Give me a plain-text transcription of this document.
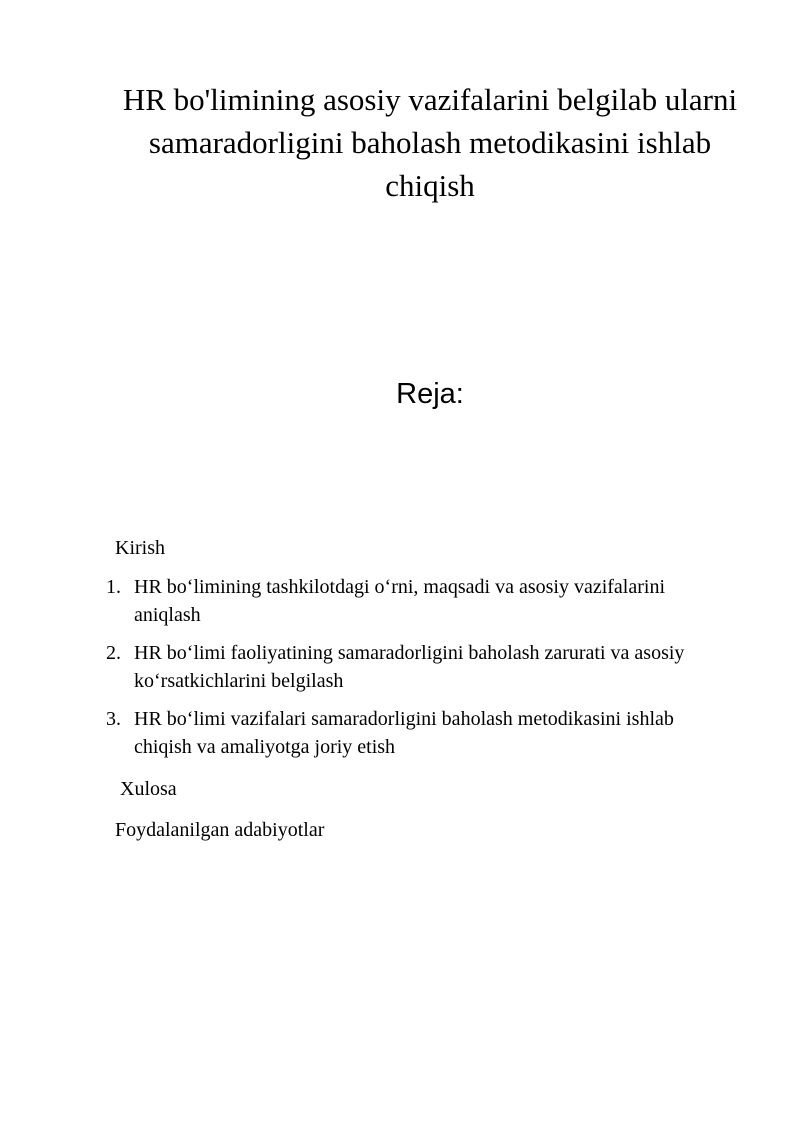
HR bo'limining asosiy vazifalarini belgilab ularni samaradorligini baholash metodikasini ishlab chiqish
Reja:
Kirish
1. HR bo‘limining tashkilotdagi o‘rni, maqsadi va asosiy vazifalarini aniqlash
2. HR bo‘limi faoliyatining samaradorligini baholash zarurati va asosiy ko‘rsatkichlarini belgilash
3. HR bo‘limi vazifalari samaradorligini baholash metodikasini ishlab chiqish va amaliyotga joriy etish
Xulosa
Foydalanilgan adabiyotlar
